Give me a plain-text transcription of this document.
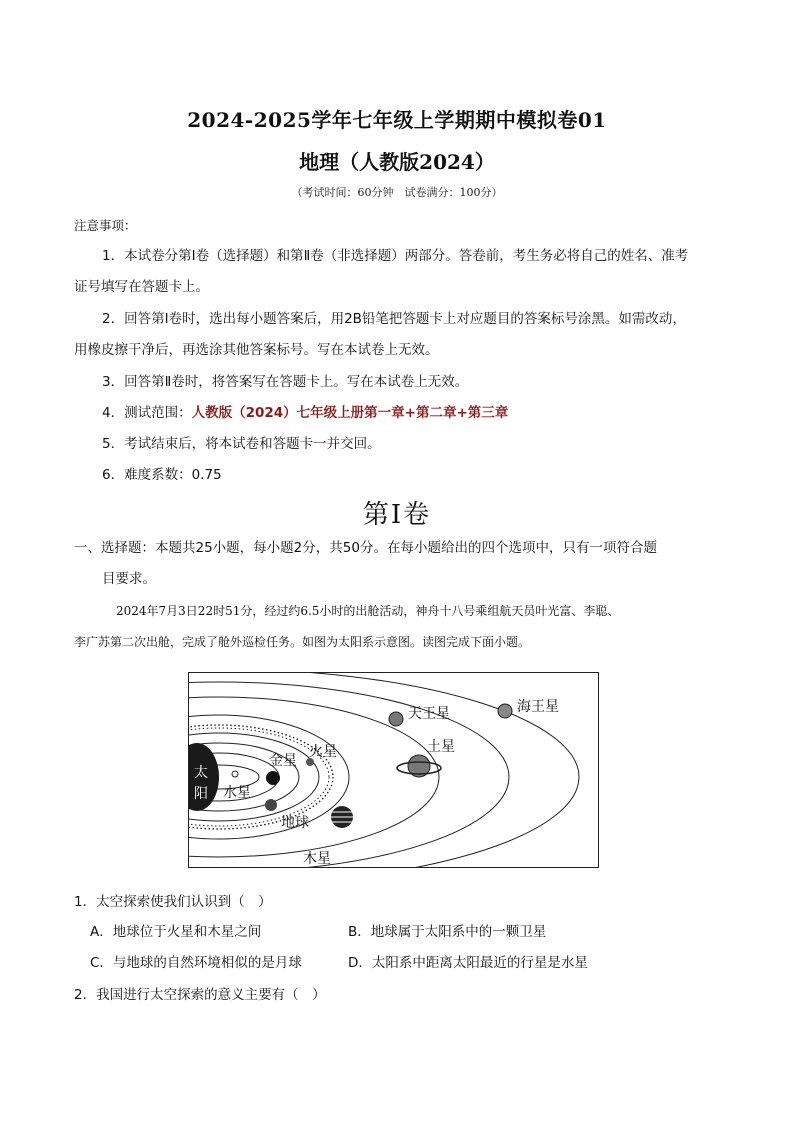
2024-2025学年七年级上学期期中模拟卷01
地理（人教版2024）
（考试时间：60分钟　试卷满分：100分）
注意事项：
1．本试卷分第Ⅰ卷（选择题）和第Ⅱ卷（非选择题）两部分。答卷前，考生务必将自己的姓名、准考
证号填写在答题卡上。
2．回答第Ⅰ卷时，选出每小题答案后，用2B铅笔把答题卡上对应题目的答案标号涂黑。如需改动，
用橡皮擦干净后，再选涂其他答案标号。写在本试卷上无效。
3．回答第Ⅱ卷时，将答案写在答题卡上。写在本试卷上无效。
4．测试范围：人教版（2024）七年级上册第一章+第二章+第三章
5．考试结束后，将本试卷和答题卡一并交回。
6．难度系数：0.75
第Ⅰ卷
一、选择题：本题共25小题，每小题2分，共50分。在每小题给出的四个选项中，只有一项符合题
目要求。
2024年7月3日22时51分，经过约6.5小时的出舱活动，神舟十八号乘组航天员叶光富、李聪、
李广苏第二次出舱，完成了舱外巡检任务。如图为太阳系示意图。读图完成下面小题。
太
阳 水星
金星
地球
火星
木星
土星
天王星	海王星
1．太空探索使我们认识到（　）
A．地球位于火星和木星之间	B．地球属于太阳系中的一颗卫星
C．与地球的自然环境相似的是月球	D．太阳系中距离太阳最近的行星是水星
2．我国进行太空探索的意义主要有（　）
